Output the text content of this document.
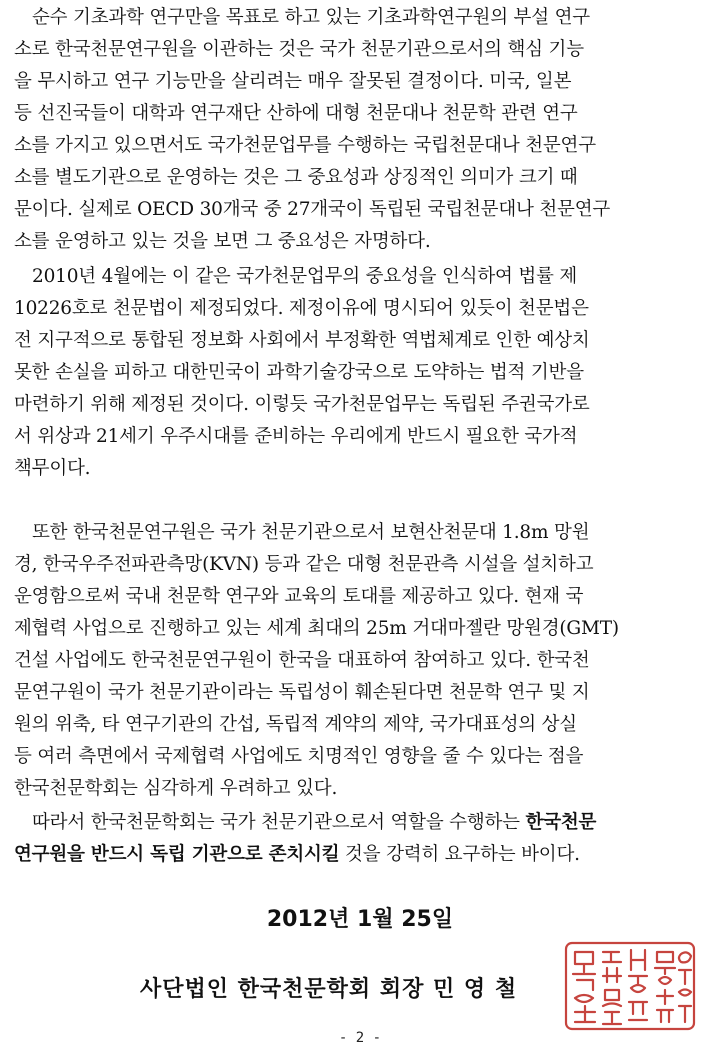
순수 기초과학 연구만을 목표로 하고 있는 기초과학연구원의 부설 연구
소로 한국천문연구원을 이관하는 것은 국가 천문기관으로서의 핵심 기능
을 무시하고 연구 기능만을 살리려는 매우 잘못된 결정이다. 미국, 일본
등 선진국들이 대학과 연구재단 산하에 대형 천문대나 천문학 관련 연구
소를 가지고 있으면서도 국가천문업무를 수행하는 국립천문대나 천문연구
소를 별도기관으로 운영하는 것은 그 중요성과 상징적인 의미가 크기 때
문이다. 실제로 OECD 30개국 중 27개국이 독립된 국립천문대나 천문연구
소를 운영하고 있는 것을 보면 그 중요성은 자명하다.

2010년 4월에는 이 같은 국가천문업무의 중요성을 인식하여 법률 제
10226호로 천문법이 제정되었다. 제정이유에 명시되어 있듯이 천문법은
전 지구적으로 통합된 정보화 사회에서 부정확한 역법체계로 인한 예상치
못한 손실을 피하고 대한민국이 과학기술강국으로 도약하는 법적 기반을
마련하기 위해 제정된 것이다. 이렇듯 국가천문업무는 독립된 주권국가로
서 위상과 21세기 우주시대를 준비하는 우리에게 반드시 필요한 국가적
책무이다.

또한 한국천문연구원은 국가 천문기관으로서 보현산천문대 1.8m 망원
경, 한국우주전파관측망(KVN) 등과 같은 대형 천문관측 시설을 설치하고
운영함으로써 국내 천문학 연구와 교육의 토대를 제공하고 있다. 현재 국
제협력 사업으로 진행하고 있는 세계 최대의 25m 거대마젤란 망원경(GMT)
건설 사업에도 한국천문연구원이 한국을 대표하여 참여하고 있다. 한국천
문연구원이 국가 천문기관이라는 독립성이 훼손된다면 천문학 연구 및 지
원의 위축, 타 연구기관의 간섭, 독립적 계약의 제약, 국가대표성의 상실
등 여러 측면에서 국제협력 사업에도 치명적인 영향을 줄 수 있다는 점을
한국천문학회는 심각하게 우려하고 있다.

따라서 한국천문학회는 국가 천문기관으로서 역할을 수행하는 한국천문
연구원을 반드시 독립 기관으로 존치시킬 것을 강력히 요구하는 바이다.

2012년 1월 25일
사단법인 한국천문학회 회장 민 영 철
- 2 -
